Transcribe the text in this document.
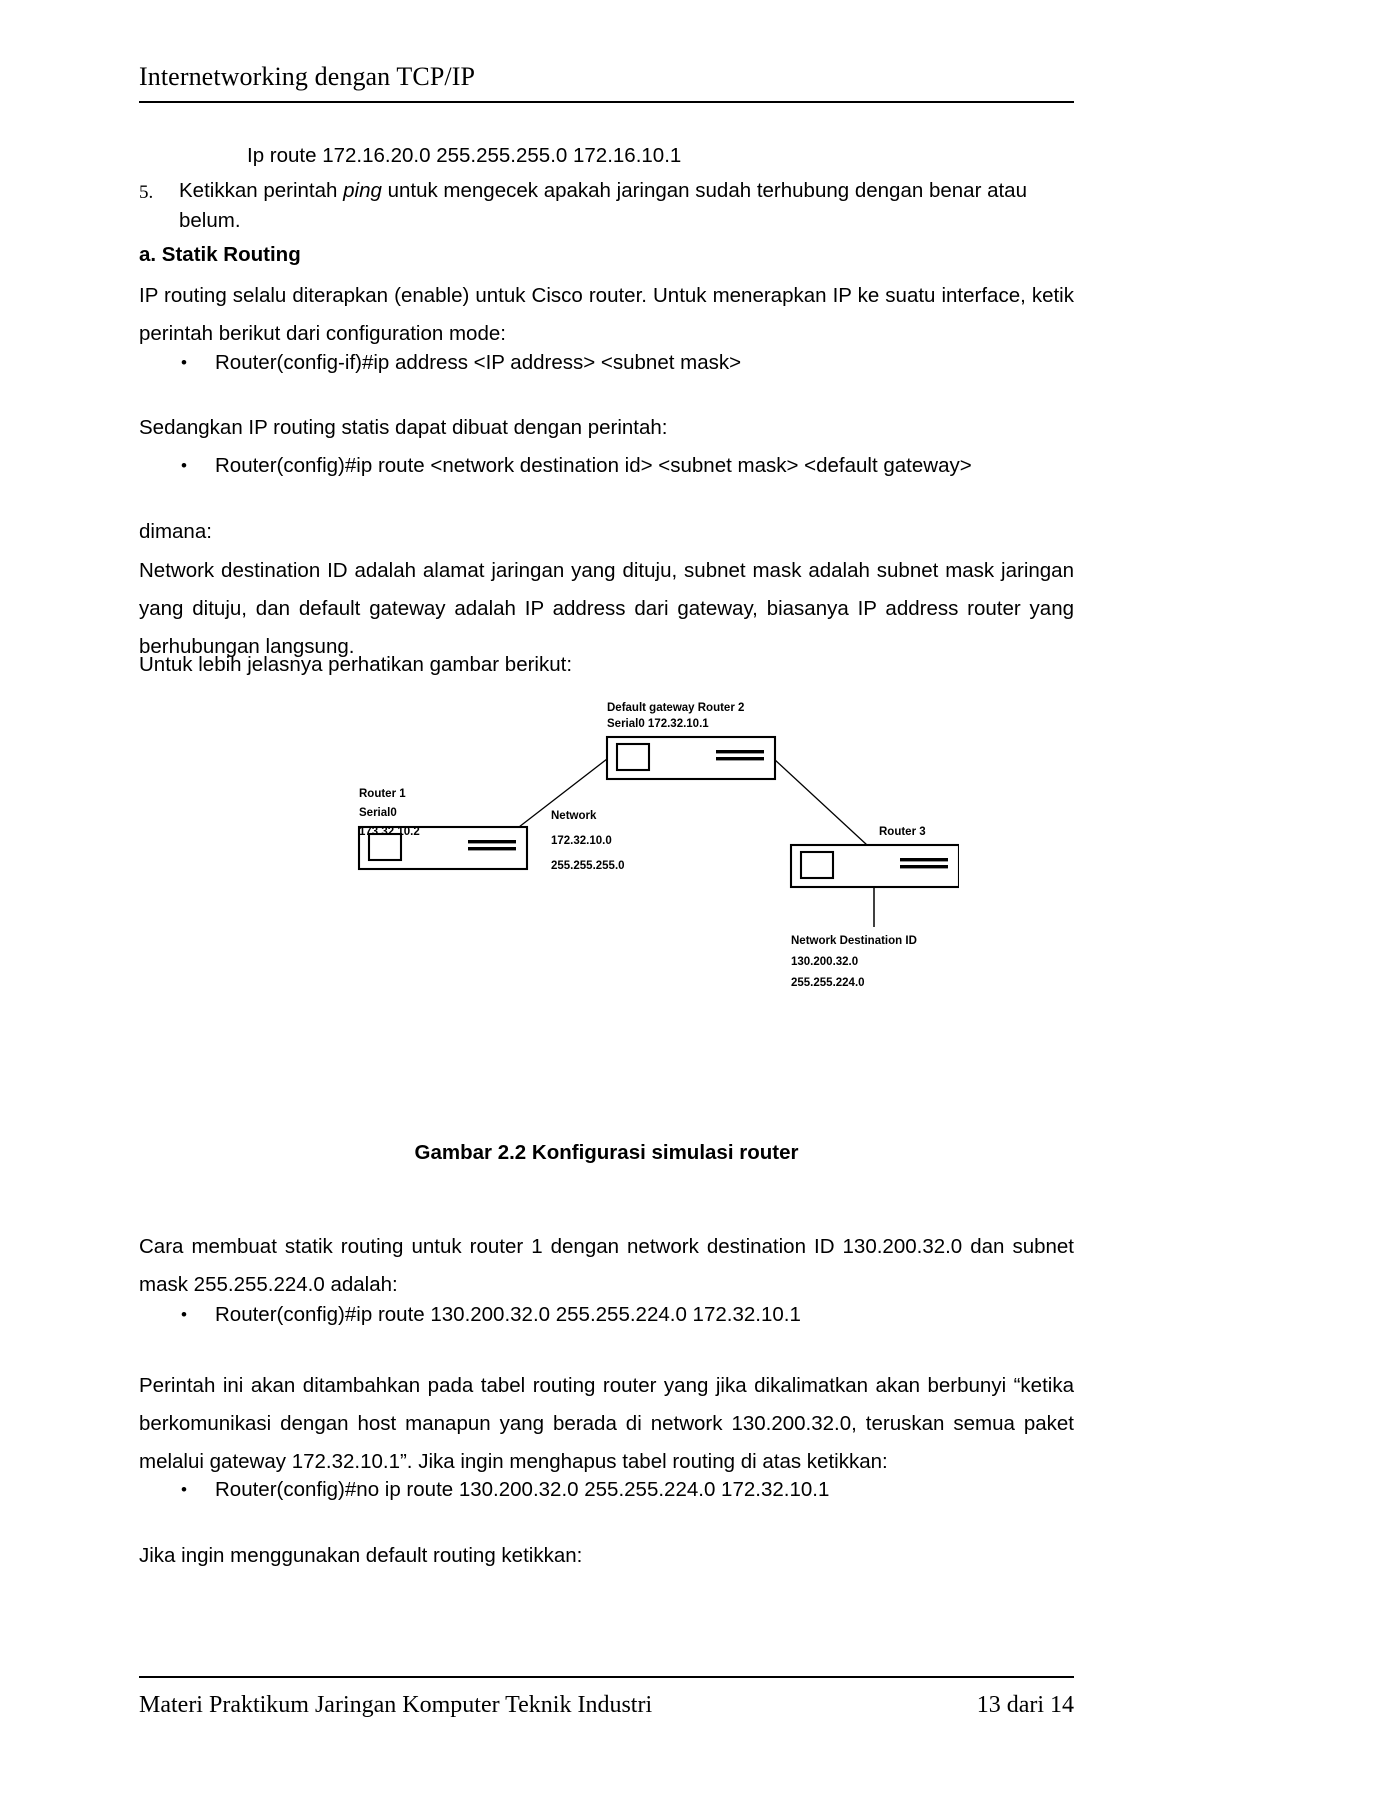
Internetworking dengan TCP/IP
Ip route 172.16.20.0 255.255.255.0 172.16.10.1
5.	Ketikkan perintah ping untuk mengecek apakah jaringan sudah terhubung dengan benar atau belum.
a. Statik Routing
IP routing selalu diterapkan (enable) untuk Cisco router. Untuk menerapkan IP ke suatu interface, ketik perintah berikut dari configuration mode:
•	Router(config-if)#ip address <IP address> <subnet mask>
Sedangkan IP routing statis dapat dibuat dengan perintah:
•	Router(config)#ip route <network destination id> <subnet mask> <default gateway>
dimana:
Network destination ID adalah alamat jaringan yang dituju, subnet mask adalah subnet mask jaringan yang dituju, dan default gateway adalah IP address dari gateway, biasanya IP address router yang berhubungan langsung.
Untuk lebih jelasnya perhatikan gambar berikut:
Default gateway Router 2
Serial0 172.32.10.1
Router 1
Serial0
173.32.10.2
Network
172.32.10.0
255.255.255.0
Router 3
Network Destination ID
130.200.32.0
255.255.224.0
Gambar 2.2 Konfigurasi simulasi router
Cara membuat statik routing untuk router 1 dengan network destination ID 130.200.32.0 dan subnet mask 255.255.224.0 adalah:
•	Router(config)#ip route 130.200.32.0 255.255.224.0 172.32.10.1
Perintah ini akan ditambahkan pada tabel routing router yang jika dikalimatkan akan berbunyi “ketika berkomunikasi dengan host manapun yang berada di network 130.200.32.0, teruskan semua paket melalui gateway 172.32.10.1”. Jika ingin menghapus tabel routing di atas ketikkan:
•	Router(config)#no ip route 130.200.32.0 255.255.224.0 172.32.10.1
Jika ingin menggunakan default routing ketikkan:
Materi Praktikum Jaringan Komputer Teknik Industri	13 dari 14
